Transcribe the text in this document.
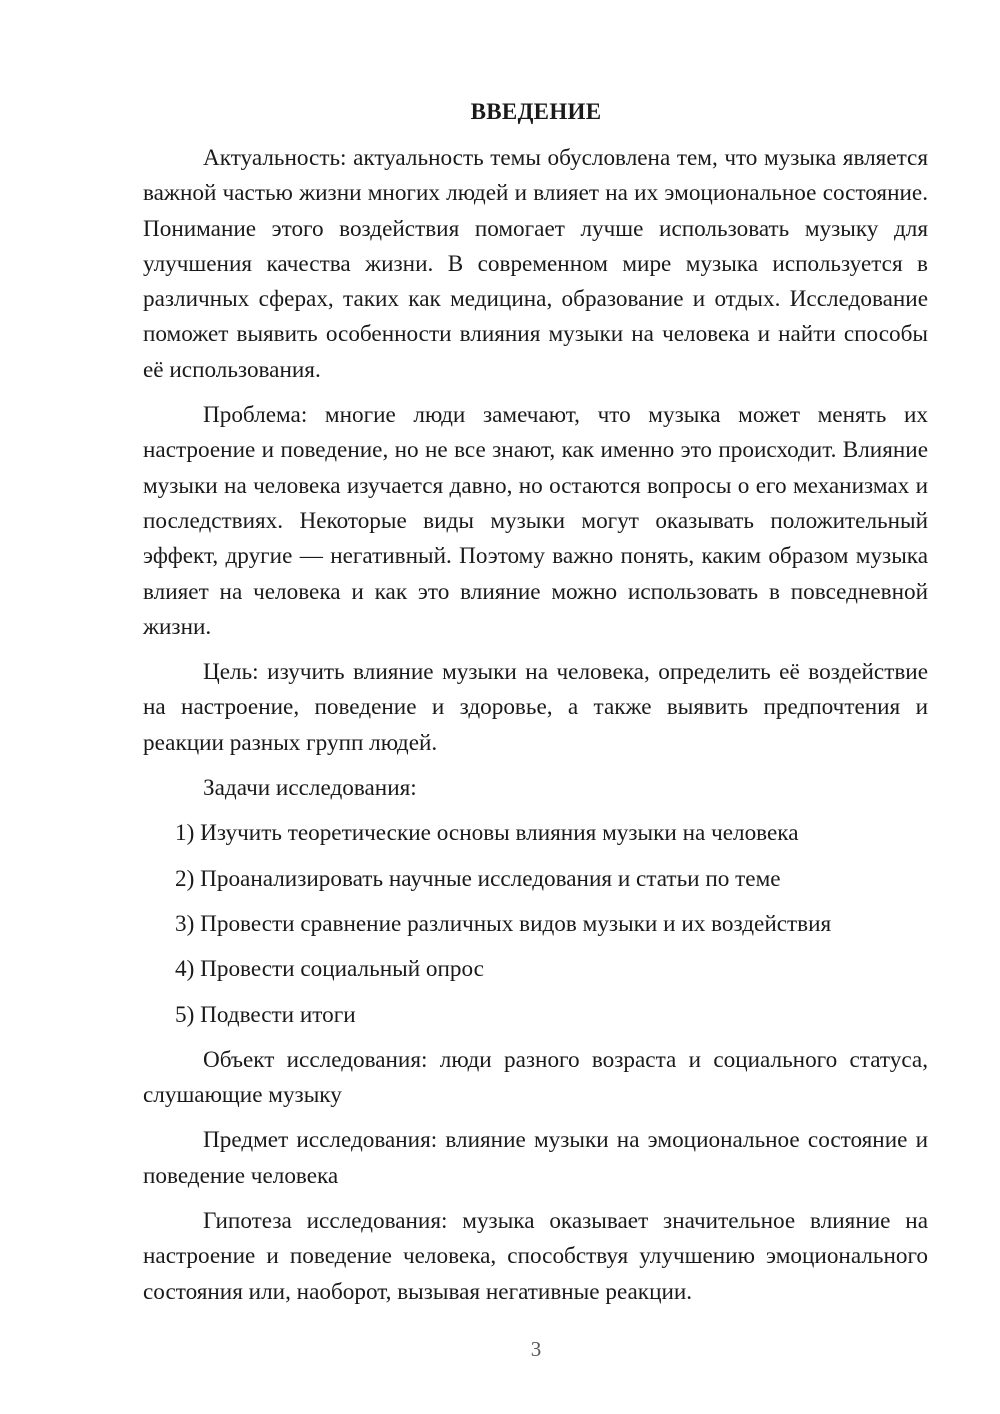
ВВЕДЕНИЕ

Актуальность: актуальность темы обусловлена тем, что музыка является важной частью жизни многих людей и влияет на их эмоциональное состояние. Понимание этого воздействия помогает лучше использовать музыку для улучшения качества жизни. В современном мире музыка используется в различных сферах, таких как медицина, образование и отдых. Исследование поможет выявить особенности влияния музыки на человека и найти способы её использования.

Проблема: многие люди замечают, что музыка может менять их настроение и поведение, но не все знают, как именно это происходит. Влияние музыки на человека изучается давно, но остаются вопросы о его механизмах и последствиях. Некоторые виды музыки могут оказывать положительный эффект, другие — негативный. Поэтому важно понять, каким образом музыка влияет на человека и как это влияние можно использовать в повседневной жизни.

Цель: изучить влияние музыки на человека, определить её воздействие на настроение, поведение и здоровье, а также выявить предпочтения и реакции разных групп людей.

Задачи исследования:

1) Изучить теоретические основы влияния музыки на человека

2) Проанализировать научные исследования и статьи по теме

3) Провести сравнение различных видов музыки и их воздействия

4) Провести социальный опрос

5) Подвести итоги

Объект исследования: люди разного возраста и социального статуса, слушающие музыку

Предмет исследования: влияние музыки на эмоциональное состояние и поведение человека

Гипотеза исследования: музыка оказывает значительное влияние на настроение и поведение человека, способствуя улучшению эмоционального состояния или, наоборот, вызывая негативные реакции.

3
